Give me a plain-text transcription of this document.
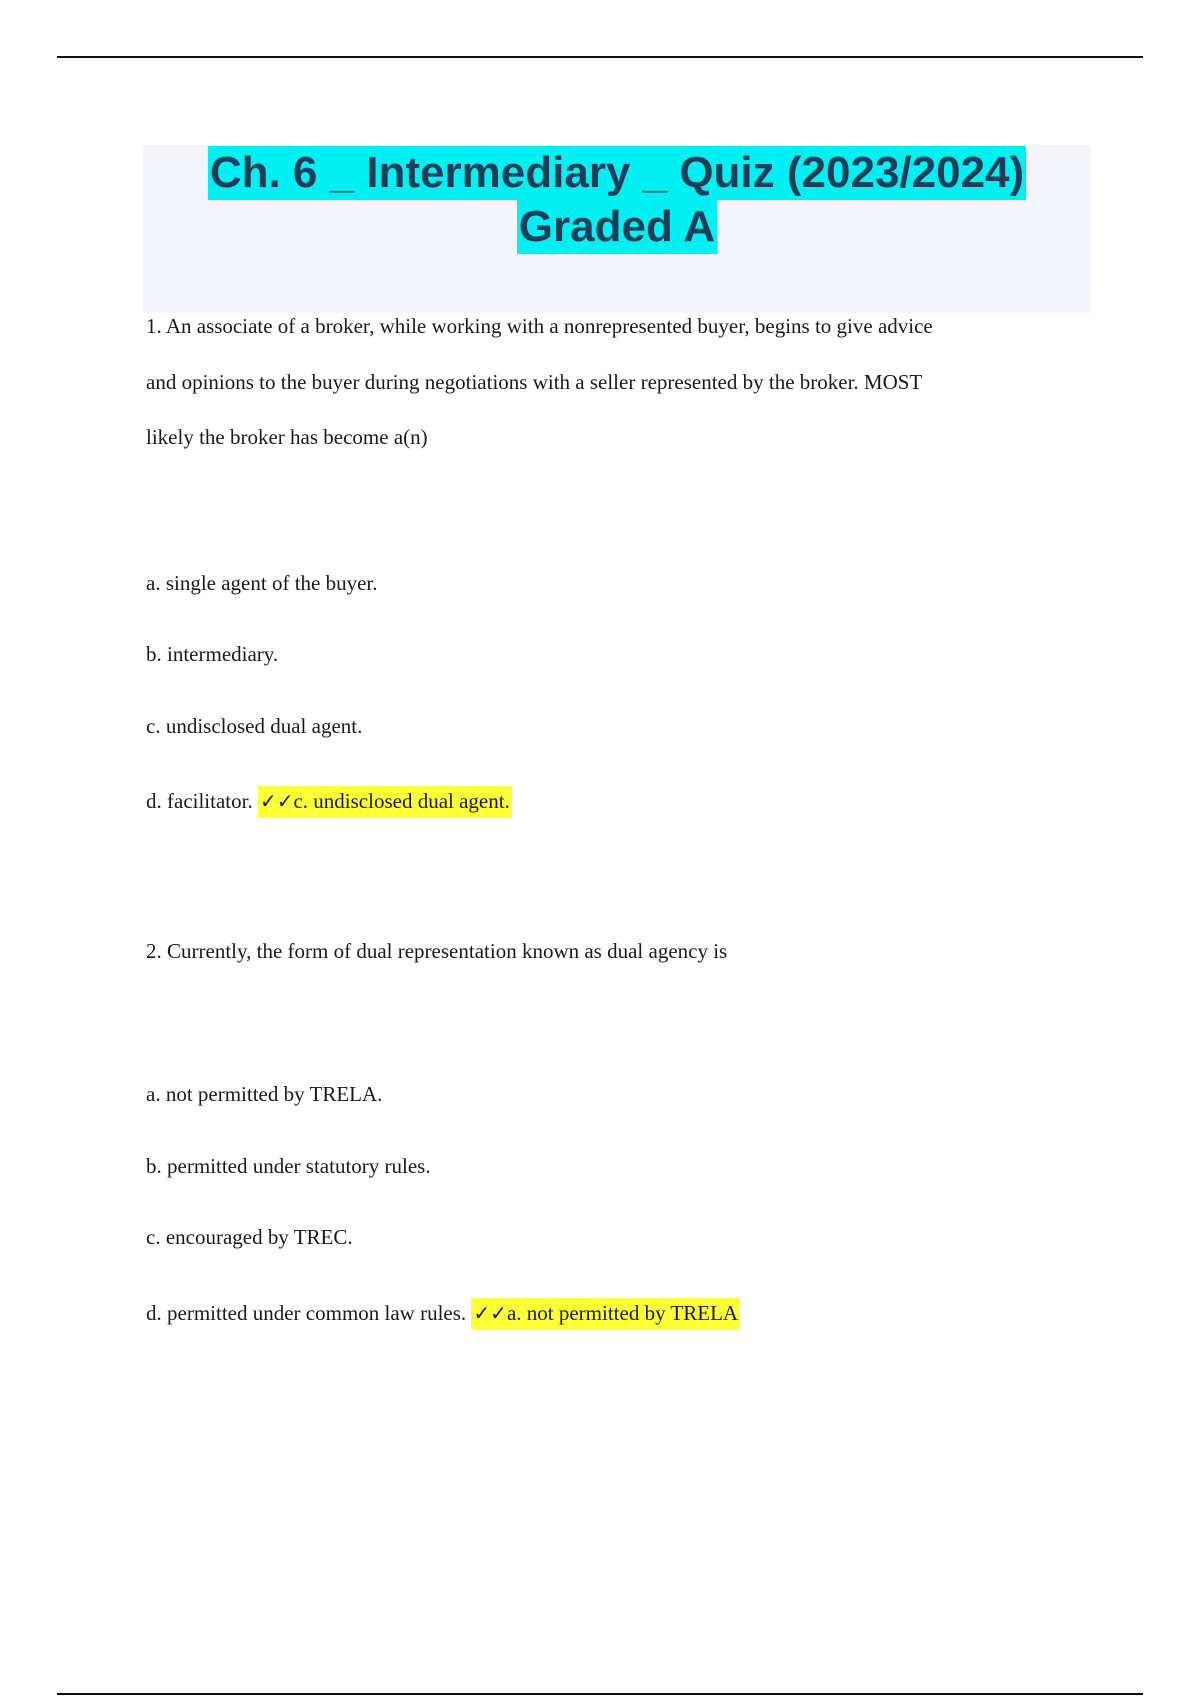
Ch. 6 _ Intermediary _ Quiz (2023/2024)
Graded A
1. An associate of a broker, while working with a nonrepresented buyer, begins to give advice
and opinions to the buyer during negotiations with a seller represented by the broker. MOST
likely the broker has become a(n)
a. single agent of the buyer.
b. intermediary.
c. undisclosed dual agent.
d. facilitator. ✓✓c. undisclosed dual agent.
2. Currently, the form of dual representation known as dual agency is
a. not permitted by TRELA.
b. permitted under statutory rules.
c. encouraged by TREC.
d. permitted under common law rules. ✓✓a. not permitted by TRELA
